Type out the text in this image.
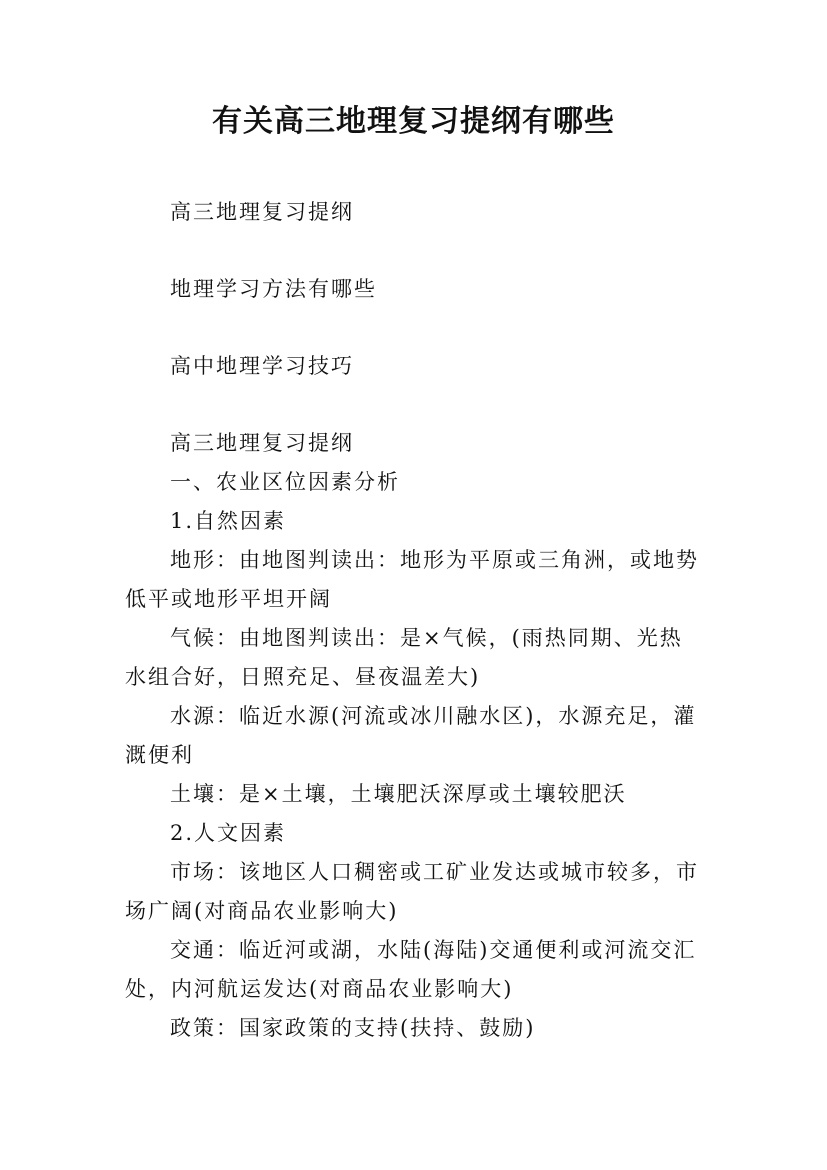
有关高三地理复习提纲有哪些
高三地理复习提纲
地理学习方法有哪些
高中地理学习技巧
高三地理复习提纲

一、农业区位因素分析

1.自然因素

地形：由地图判读出：地形为平原或三角洲，或地势低平或地形平坦开阔

气候：由地图判读出：是×气候，(雨热同期、光热水组合好，日照充足、昼夜温差大)

水源：临近水源(河流或冰川融水区)，水源充足，灌溉便利

土壤：是×土壤，土壤肥沃深厚或土壤较肥沃

2.人文因素

市场：该地区人口稠密或工矿业发达或城市较多，市场广阔(对商品农业影响大)

交通：临近河或湖，水陆(海陆)交通便利或河流交汇处，内河航运发达(对商品农业影响大)

政策：国家政策的支持(扶持、鼓励)
